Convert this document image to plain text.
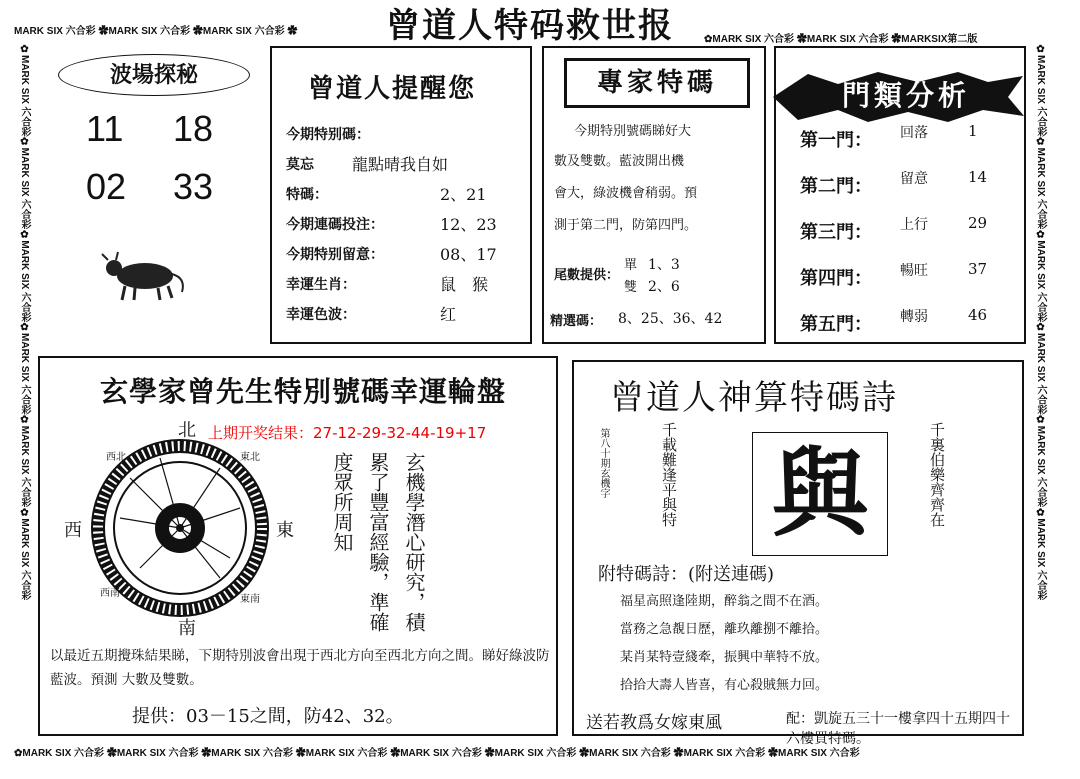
MARK SIX 六合彩 ✿MARK SIX 六合彩 ✿MARK SIX 六合彩 ✿
✿MARK SIX 六合彩 ✿MARK SIX 六合彩 ✿MARKSIX第二版
✿MARK SIX 六合彩 ✿MARK SIX 六合彩 ✿MARK SIX 六合彩 ✿MARK SIX 六合彩 ✿MARK SIX 六合彩 ✿MARK SIX 六合彩 ✿MARK SIX 六合彩 ✿MARK SIX 六合彩 ✿MARK SIX 六合彩
✿MARK SIX 六合彩✿MARK SIX 六合彩✿MARK SIX 六合彩✿MARK SIX 六合彩✿MARK SIX 六合彩✿MARK SIX 六合彩
✿MARK SIX 六合彩✿MARK SIX 六合彩✿MARK SIX 六合彩✿MARK SIX 六合彩✿MARK SIX 六合彩✿MARK SIX 六合彩
曾道人特码救世报
波場探秘
11 18
02 33
曾道人提醒您
今期特别碼：
莫忘 龍點晴我自如
特碼：	2、21
今期連碼投注：	12、23
今期特别留意：	08、17
幸運生肖：	鼠　猴
幸運色波：	红
專家特碼
今期特別號碼睇好大
數及雙數。藍波開出機
會大，綠波機會稍弱。預
測于第二門，防第四門。
尾數提供：
單 1、3
雙 2、6
精選碼： 8、25、36、42
門類分析
第一門： 回落	1
第二門： 留意	14
第三門： 上行	29
第四門： 暢旺	37
第五門： 轉弱	46
玄學家曾先生特別號碼幸運輪盤
上期开奖结果：27-12-29-32-44-19+17
北
南
東
西
東北
西北
東南
西南	玄機學潛心研究，積
累了豐富經驗，準確
度眾所周知
以最近五期攪珠結果睇，下期特別波會出現于西北方向至西北方向之間。睇好綠波防藍波。預測 大數及雙數。
提供：03－15之間，防42、32。
曾道人神算特碼詩
第八十期玄機字	千載難逢平與特 與	千裏伯樂齊齊在
附特碼詩：(附送連碼)
福星高照逢陸期，醉翁之間不在酒。
當務之急覩日歷，離玖離捌不離拾。
某肖某特壹綫牽，振興中華特不放。
拾拾大壽人皆喜，有心殺賊無力回。
送若教爲女嫁東風	配：凱旋五三十一樓拿四十五期四十六樓買特碼。
